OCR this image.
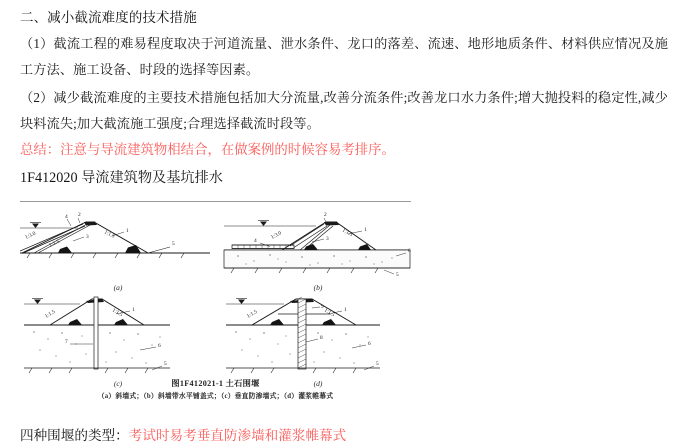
二、减小截流难度的技术措施

（1）截流工程的难易程度取决于河道流量、泄水条件、龙口的落差、流速、地形地质条件、材料供应情况及施工方法、施工设备、时段的选择等因素。

（2）减少截流难度的主要技术措施包括加大分流量,改善分流条件;改善龙口水力条件;增大抛投料的稳定性,减少块料流失;加大截流施工强度;合理选择截流时段等。

总结：注意与导流建筑物相结合，在做案例的时候容易考排序。

1F412020 导流建筑物及基坑排水

1:3.0
1:1.5
1:1.5 1
2
3
4
5
(a)
1:3.0	1:1.5 1
2
3
4
5
6
(b)
1:1.5	1:1.5 1
7
6
5
(c)
1:1.5	1:1.5 1
9
8
6
5
(d)
图1F412021-1 土石围堰
（a）斜墙式；（b）斜墙带水平铺盖式；（c）垂直防渗墙式；（d）灌浆帷幕式

四种围堰的类型：考试时易考垂直防渗墙和灌浆帷幕式
